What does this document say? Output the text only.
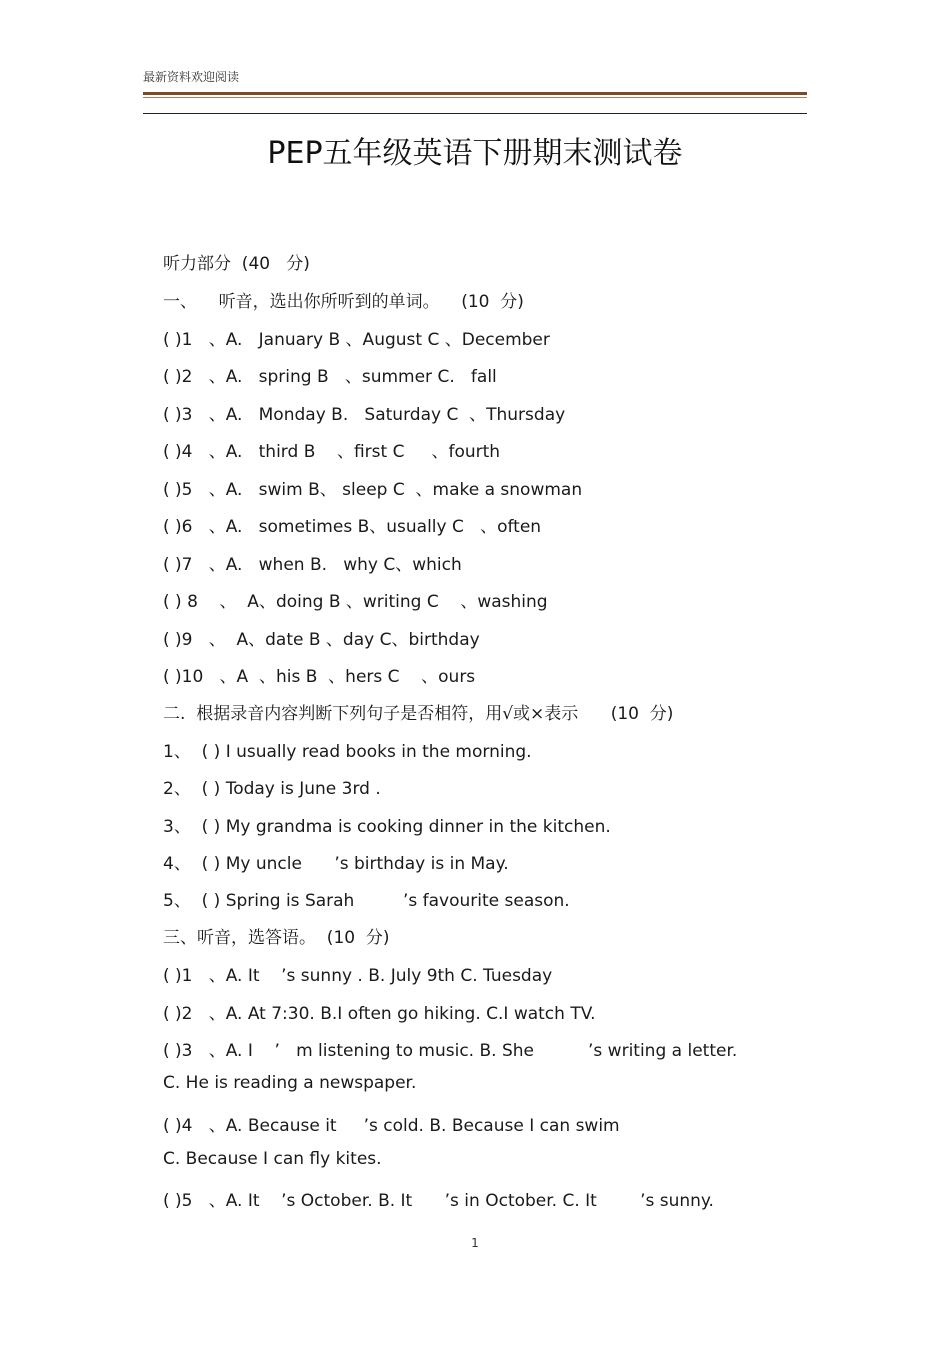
最新资料欢迎阅读
PEP五年级英语下册期末测试卷
听力部分  (40   分)
一、    听音，选出你所听到的单词。    (10  分)
( )1   、A.   January B 、August C 、December
( )2   、A.   spring B   、summer C.   fall
( )3   、A.   Monday B.   Saturday C  、Thursday
( )4   、A.   third B    、first C     、fourth
( )5   、A.   swim B、 sleep C  、make a snowman
( )6   、A.   sometimes B、usually C   、often
( )7   、A.   when B.   why C、which
( ) 8    、  A、doing B 、writing C    、washing
( )9   、  A、date B 、day C、birthday
( )10   、A  、his B  、hers C    、ours
二.  根据录音内容判断下列句子是否相符，用√或×表示      (10  分)
1、  ( ) I usually read books in the morning.
2、  ( ) Today is June 3rd .
3、  ( ) My grandma is cooking dinner in the kitchen.
4、  ( ) My uncle      ’s birthday is in May.
5、  ( ) Spring is Sarah         ’s favourite season.
三、听音，选答语。  (10  分)
( )1   、A. It    ’s sunny . B. July 9th C. Tuesday
( )2   、A. At 7:30. B.I often go hiking. C.I watch TV.
( )3   、A. I    ’   m listening to music. B. She          ’s writing a letter.
C. He is reading a newspaper.
( )4   、A. Because it     ’s cold. B. Because I can swim
C. Because I can fly kites.
( )5   、A. It    ’s October. B. It      ’s in October. C. It        ’s sunny.
1
